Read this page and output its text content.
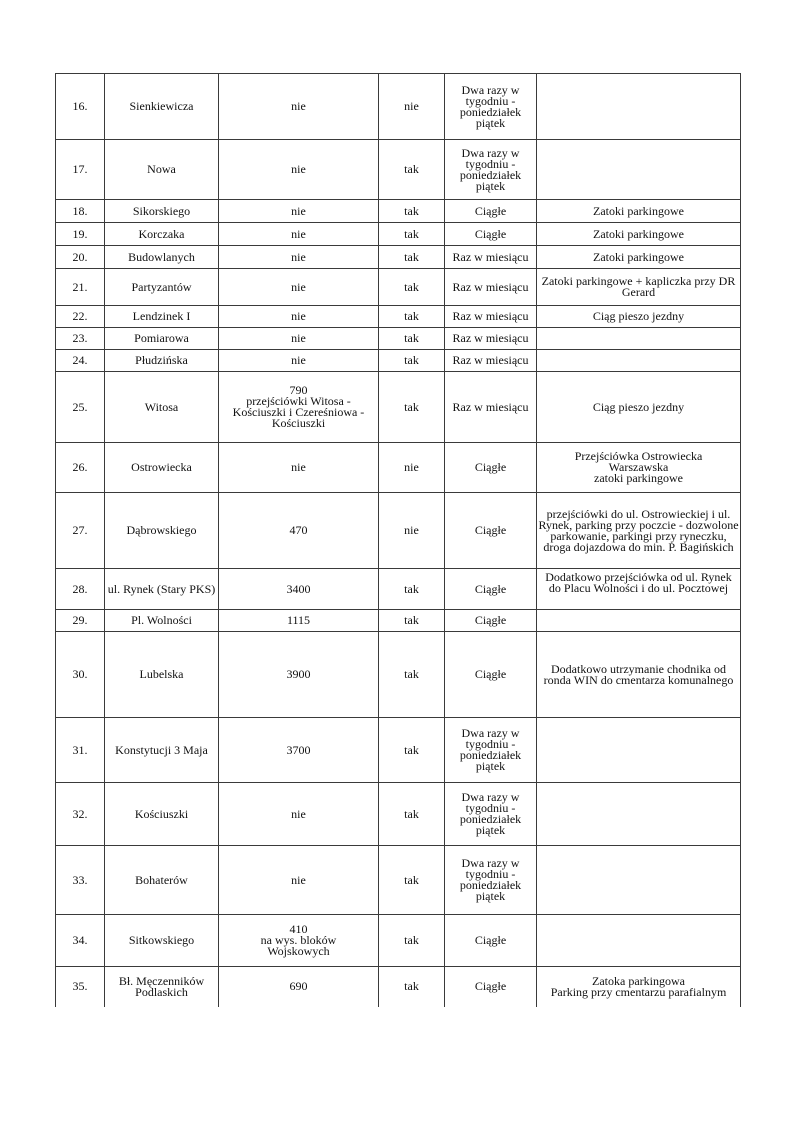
16.	Sienkiewicza	nie	nie	Dwa razy w tygodniu - poniedziałek piątek	
17.	Nowa	nie	tak	Dwa razy w tygodniu - poniedziałek piątek	
18.	Sikorskiego	nie	tak	Ciągłe	Zatoki parkingowe
19.	Korczaka	nie	tak	Ciągłe	Zatoki parkingowe
20.	Budowlanych	nie	tak	Raz w miesiącu	Zatoki parkingowe
21.	Partyzantów	nie	tak	Raz w miesiącu	Zatoki parkingowe + kapliczka przy DR Gerard
22.	Lendzinek I	nie	tak	Raz w miesiącu	Ciąg pieszo jezdny
23.	Pomiarowa	nie	tak	Raz w miesiącu	
24.	Płudzińska	nie	tak	Raz w miesiącu	
25.	Witosa	790
przejściówki Witosa -
Kościuszki i Czereśniowa -
Kościuszki	tak	Raz w miesiącu	Ciąg pieszo jezdny
26.	Ostrowiecka	nie	nie	Ciągłe	Przejściówka Ostrowiecka
Warszawska
zatoki parkingowe

27.	Dąbrowskiego	470	nie	Ciągłe	przejściówki do ul. Ostrowieckiej i ul. Rynek, parking przy poczcie - dozwolone parkowanie, parkingi przy ryneczku, droga dojazdowa do min. P. Bagińskich
28.	ul. Rynek (Stary PKS)	3400	tak	Ciągłe	Dodatkowo przejściówka od ul. Rynek do Placu Wolności i do ul. Pocztowej

29.	Pl. Wolności	1115	tak	Ciągłe	
30.	Lubelska	3900	tak	Ciągłe	Dodatkowo utrzymanie chodnika od ronda WIN do cmentarza komunalnego
31.	Konstytucji 3 Maja	3700	tak	Dwa razy w tygodniu - poniedziałek piątek	
32.	Kościuszki	nie	tak	Dwa razy w tygodniu - poniedziałek piątek	
33.	Bohaterów	nie	tak	Dwa razy w tygodniu - poniedziałek piątek	
34.	Sitkowskiego	410
na wys. bloków
Wojskowych	tak	Ciągłe	
35.	Bł. Męczenników Podlaskich	690	tak	Ciągłe	Zatoka parkingowa
Parking przy cmentarzu parafialnym
